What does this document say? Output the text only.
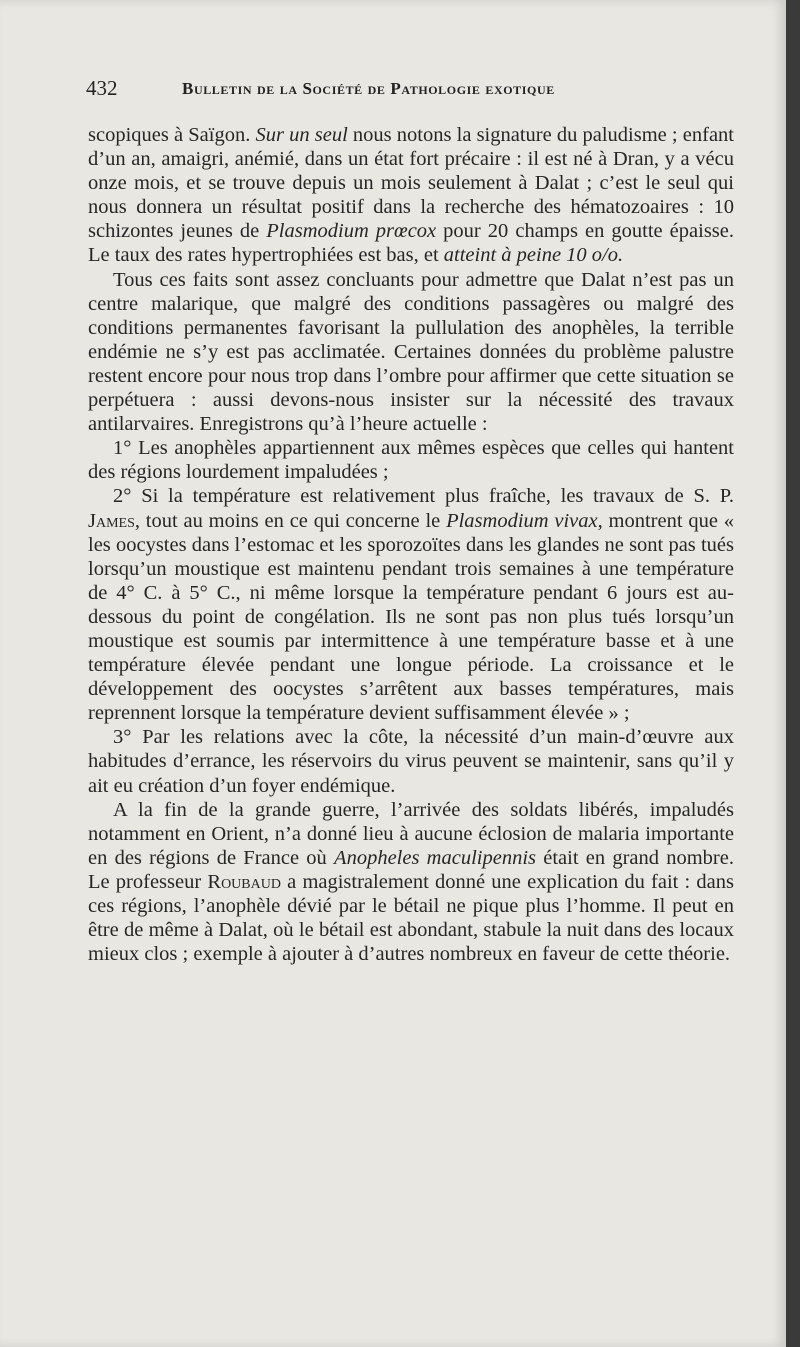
432	Bulletin de la Société de Pathologie exotique

scopiques à Saïgon. Sur un seul nous notons la signature du paludisme ; enfant d’un an, amaigri, anémié, dans un état fort précaire : il est né à Dran, y a vécu onze mois, et se trouve depuis un mois seulement à Dalat ; c’est le seul qui nous donnera un résultat positif dans la recherche des hématozoaires : 10 schizontes jeunes de Plasmodium prœcox pour 20 champs en goutte épaisse. Le taux des rates hypertrophiées est bas, et atteint à peine 10 o/o.

Tous ces faits sont assez concluants pour admettre que Dalat n’est pas un centre malarique, que malgré des conditions passagères ou malgré des conditions permanentes favorisant la pullulation des anophèles, la terrible endémie ne s’y est pas acclimatée. Certaines données du problème palustre restent encore pour nous trop dans l’ombre pour affirmer que cette situation se perpétuera : aussi devons-nous insister sur la nécessité des travaux antilarvaires. Enregistrons qu’à l’heure actuelle :

1° Les anophèles appartiennent aux mêmes espèces que celles qui hantent des régions lourdement impaludées ;

2° Si la température est relativement plus fraîche, les travaux de S. P. James, tout au moins en ce qui concerne le Plasmodium vivax, montrent que « les oocystes dans l’estomac et les sporozoïtes dans les glandes ne sont pas tués lorsqu’un moustique est maintenu pendant trois semaines à une température de 4° C. à 5° C., ni même lorsque la température pendant 6 jours est au-dessous du point de congélation. Ils ne sont pas non plus tués lorsqu’un moustique est soumis par intermittence à une température basse et à une température élevée pendant une longue période. La croissance et le développement des oocystes s’arrêtent aux basses températures, mais reprennent lorsque la température devient suffisamment élevée » ;

3° Par les relations avec la côte, la nécessité d’un main-d’œuvre aux habitudes d’errance, les réservoirs du virus peuvent se maintenir, sans qu’il y ait eu création d’un foyer endémique.

A la fin de la grande guerre, l’arrivée des soldats libérés, impaludés notamment en Orient, n’a donné lieu à aucune éclosion de malaria importante en des régions de France où Anopheles maculipennis était en grand nombre. Le professeur Roubaud a magistralement donné une explication du fait : dans ces régions, l’anophèle dévié par le bétail ne pique plus l’homme. Il peut en être de même à Dalat, où le bétail est abondant, stabule la nuit dans des locaux mieux clos ; exemple à ajouter à d’autres nombreux en faveur de cette théorie.
